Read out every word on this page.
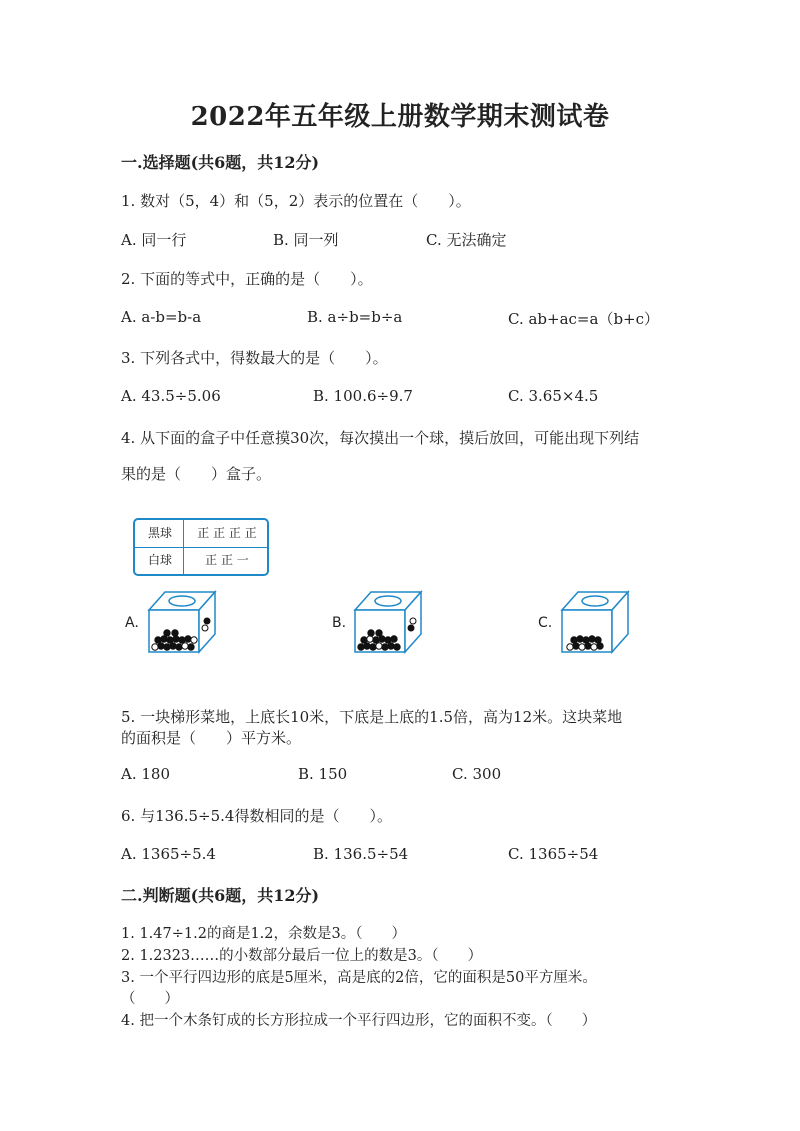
2022年五年级上册数学期末测试卷
一.选择题(共6题，共12分)
1. 数对（5，4）和（5，2）表示的位置在（　　）。
A. 同一行	B. 同一列	C. 无法确定
2. 下面的等式中，正确的是（　　）。
A. a-b=b-a	B. a÷b=b÷a	C. ab+ac=a（b+c）
3. 下列各式中，得数最大的是（　　）。
A. 43.5÷5.06	B. 100.6÷9.7	C. 3.65×4.5
4. 从下面的盒子中任意摸30次，每次摸出一个球，摸后放回，可能出现下列结
果的是（　　）盒子。
黑球	正 正 正 正
白球	正 正 一
A.	B.	C.
5. 一块梯形菜地，上底长10米，下底是上底的1.5倍，高为12米。这块菜地
的面积是（　　）平方米。
A. 180	B. 150	C. 300
6. 与136.5÷5.4得数相同的是（　　）。
A. 1365÷5.4	B. 136.5÷54	C. 1365÷54
二.判断题(共6题，共12分)
1. 1.47÷1.2的商是1.2，余数是3。（　　）
2. 1.2323……的小数部分最后一位上的数是3。（　　）
3. 一个平行四边形的底是5厘米，高是底的2倍，它的面积是50平方厘米。
（　　）
4. 把一个木条钉成的长方形拉成一个平行四边形，它的面积不变。（　　）
